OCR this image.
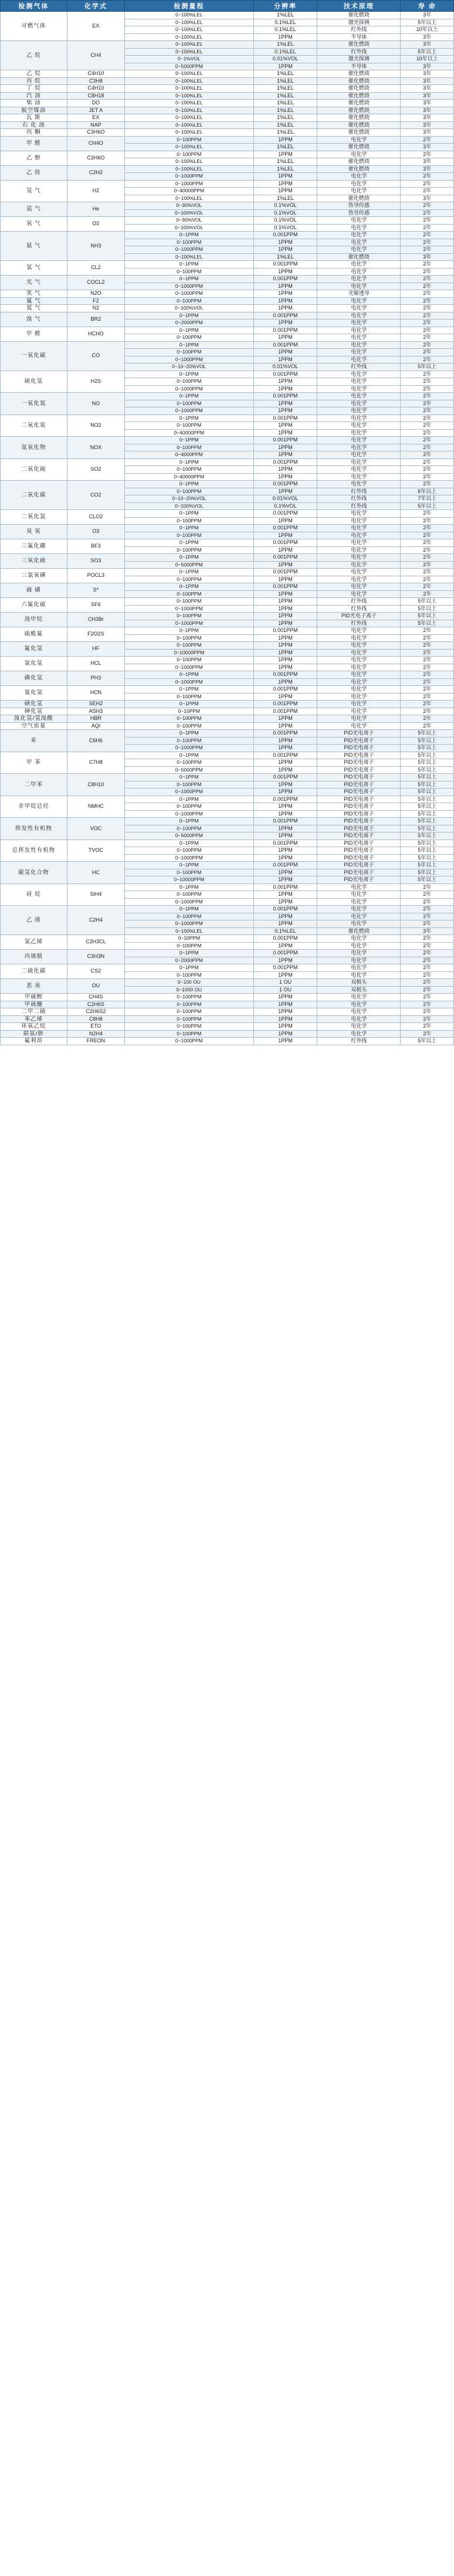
检测气体	化学式	检测量程	分辨率	技术原理	寿 命
可燃气体	EX	0~100%LEL	1%LEL	催化燃烧	3年
		0~100%LEL	0.1%LEL	激光探测	5年以上
		0~100%LEL	0.1%LEL	红外线	10年以上
		0~100%LEL	1PPM	半导体	3年
乙 烷	CH4	0~100%LEL	1%LEL	催化燃烧	3年
		0~100%LEL	0.1%LEL	红外线	5年以上
		0~1%VOL	0.01%VOL	激光探测	10年以上
		0~5000PPM	1PPM	半导体	3年
乙 烷	C4H10	0~100%LEL	1%LEL	催化燃烧	3年
丙 烷	C3H8	0~100%LEL	1%LEL	催化燃烧	3年
丁 烷	C4H10	0~100%LEL	1%LEL	催化燃烧	3年
汽 油	C8H18	0~100%LEL	1%LEL	催化燃烧	3年
柴 油	DO	0~100%LEL	1%LEL	催化燃烧	3年
航空煤油	JET A	0~100%LEL	1%LEL	催化燃烧	3年
瓦 斯	EX	0~100%LEL	1%LEL	催化燃烧	3年
石 化 油	NAP	0~100%LEL	1%LEL	催化燃烧	3年
丙 酮	C3H6O	0~100%LEL	1%LEL	催化燃烧	3年
甲 醛	CH4O	0~100PPM	1PPM	电化学	2年
		0~100%LEL	1%LEL	催化燃烧	3年
乙 醇	C2H6O	0~100PPM	1PPM	电化学	2年
		0~100%LEL	1%LEL	催化燃烧	3年
乙 炔	C2H2	0~100%LEL	1%LEL	催化燃烧	3年
		0~1000PPM	1PPM	电化学	2年
氢 气	H2	0~1000PPM	1PPM	电化学	2年
		0~40000PPM	1PPM	电化学	2年
		0~100%LEL	1%LEL	催化燃烧	3年
氦 气	He	0~30%VOL	0.1%VOL	热导传感	2年
		0~100%VOL	0.1%VOL	热导传感	2年
氧 气	O2	0~30%VOL	0.1%VOL	电化学	2年
		0~100%VOL	0.1%VOL	电化学	2年
氨 气	NH3	0~1PPM	0.001PPM	电化学	2年
		0~100PPM	1PPM	电化学	2年
		0~1000PPM	1PPM	电化学	2年
		0~100%LEL	1%LEL	催化燃烧	3年
氯 气	CL2	0~1PPM	0.001PPM	电化学	2年
		0~100PPM	1PPM	电化学	2年
光 气	COCL2	0~1PPM	0.001PPM	电化学	2年
		0~1000PPM	1PPM	电化学	2年
笑 气	N2O	0~1000PPM	1PPM	光聚透导	2年
氟 气	F2	0~100PPM	1PPM	电化学	2年
氮 气	N2	0~100%VOL	1PPM	电化学	2年
溴 气	BR2	0~1PPM	0.001PPM	电化学	2年
		0~2000PPM	1PPM	电化学	2年
甲 醛	HCHO	0~1PPM	0.001PPM	电化学	2年
		0~100PPM	1PPM	电化学	2年
一氧化碳	CO	0~1PPM	0.001PPM	电化学	2年
		0~100PPM	1PPM	电化学	2年
		0~1000PPM	1PPM	电化学	2年
		0~10~20%VOL	0.01%VOL	红外线	5年以上
硫化氢	H2S	0~1PPM	0.001PPM	电化学	2年
		0~100PPM	1PPM	电化学	2年
		0~1000PPM	1PPM	电化学	2年
一氧化氮	NO	0~1PPM	0.001PPM	电化学	2年
		0~100PPM	1PPM	电化学	2年
		0~1000PPM	1PPM	电化学	2年
二氧化氮	NO2	0~1PPM	0.001PPM	电化学	2年
		0~100PPM	1PPM	电化学	2年
		0~40000PPM	1PPM	电化学	2年
氮氧化物	NOX	0~1PPM	0.001PPM	电化学	2年
		0~100PPM	1PPM	电化学	2年
		0~4000PPM	1PPM	电化学	2年
二氧化硫	SO2	0~1PPM	0.001PPM	电化学	2年
		0~100PPM	1PPM	电化学	2年
		0~40000PPM	1PPM	电化学	2年
二氧化碳	CO2	0~1PPM	0.001PPM	电化学	2年
		0~100PPM	1PPM	红外线	6年以上
		0~10~20%VOL	0.01%VOL	红外线	7年以上
		0~100%VOL	0.1%VOL	红外线	5年以上
二氧化氯	CLO2	0~1PPM	0.001PPM	电化学	2年
		0~100PPM	1PPM	电化学	2年
臭 氧	O3	0~1PPM	0.001PPM	电化学	2年
		0~100PPM	1PPM	电化学	2年
三氟化硼	BF3	0~1PPM	0.001PPM	电化学	2年
		0~100PPM	1PPM	电化学	2年
三氧化硫	SO3	0~1PPM	0.001PPM	电化学	2年
		0~5000PPM	1PPM	电化学	2年
三氯氧磷	POCL3	0~1PPM	0.001PPM	电化学	2年
		0~100PPM	1PPM	电化学	2年
硫 磺	S*	0~1PPM	0.001PPM	电化学	2年
		0~100PPM	1PPM	电化学	2年
六氟化硫	SF6	0~100PPM	1PPM	红外线	5年以上
		0~1000PPM	1PPM	红外线	5年以上
溴甲烷	CH3Br	0~100PPM	1PPM	PID光电子离子	5年以上
		0~1000PPM	1PPM	红外线	5年以上
硫酰氟	F2O2S	0~1PPM	0.001PPM	电化学	2年
		0~100PPM	1PPM	电化学	2年
氟化氢	HF	0~100PPM	1PPM	电化学	2年
		0~10000PPM	1PPM	电化学	2年
氯化氢	HCL	0~100PPM	1PPM	电化学	2年
		0~1000PPM	1PPM	电化学	2年
磷化氢	PH3	0~1PPM	0.001PPM	电化学	2年
		0~1000PPM	1PPM	电化学	2年
氰化氢	HCN	0~1PPM	0.001PPM	电化学	2年
		0~100PPM	1PPM	电化学	2年
硒化氢	SEH2	0~1PPM	0.001PPM	电化学	2年
砷化氢	ASH3	0~10PPM	0.001PPM	电化学	2年
溴化氢/氢溴酸	HBR	0~100PPM	1PPM	电化学	2年
空气质量	AQI	0~100PPM	1PPM	电化学	2年
苯	C6H6	0~1PPM	0.001PPM	PID光电离子	5年以上
		0~100PPM	1PPM	PID光电离子	5年以上
		0~1000PPM	1PPM	PID光电离子	5年以上
甲 苯	C7H8	0~1PPM	0.001PPM	PID光电离子	5年以上
		0~100PPM	1PPM	PID光电离子	5年以上
		0~5000PPM	1PPM	PID光电离子	5年以上
二甲苯	C8H10	0~1PPM	0.001PPM	PID光电离子	5年以上
		0~100PPM	1PPM	PID光电离子	5年以上
		0~1000PPM	1PPM	PID光电离子	5年以上
非甲烷总烃	NMHC	0~1PPM	0.001PPM	PID光电离子	5年以上
		0~100PPM	1PPM	PID光电离子	5年以上
		0~1000PPM	1PPM	PID光电离子	5年以上
挥发性有机物	VOC	0~1PPM	0.001PPM	PID光电离子	5年以上
		0~100PPM	1PPM	PID光电离子	5年以上
		0~5000PPM	1PPM	PID光电离子	5年以上
总挥发性有机物	TVOC	0~1PPM	0.001PPM	PID光电离子	5年以上
		0~100PPM	1PPM	PID光电离子	5年以上
		0~1000PPM	1PPM	PID光电离子	5年以上
碳氢化合物	HC	0~1PPM	0.001PPM	PID光电离子	5年以上
		0~100PPM	1PPM	PID光电离子	5年以上
		0~10000PPM	1PPM	PID光电离子	5年以上
硅 烷	SIH4	0~1PPM	0.001PPM	电化学	2年
		0~100PPM	1PPM	电化学	2年
		0~1000PPM	1PPM	电化学	2年
乙 烯	C2H4	0~1PPM	0.001PPM	电化学	2年
		0~100PPM	1PPM	电化学	2年
		0~1000PPM	1PPM	电化学	2年
		0~100%LEL	0.1%LEL	催化燃烧	3年
氯乙烯	C2H3CL	0~10PPM	0.001PPM	电化学	2年
		0~100PPM	1PPM	电化学	2年
丙烯腈	C3H3N	0~1PPM	0.001PPM	电化学	2年
		0~2000PPM	1PPM	电化学	2年
二硫化碳	CS2	0~1PPM	0.001PPM	电化学	2年
		0~100PPM	1PPM	电化学	2年
恶 臭	OU	0~100 OU	1 OU	双极头	2年
		0~1000 OU	1 OU	双极头	2年
甲硫醇	CH4S	0~100PPM	1PPM	电化学	2年
甲硫醚	C2H6S	0~100PPM	1PPM	电化学	2年
二甲二硫	C2H6S2	0~100PPM	1PPM	电化学	2年
苯乙烯	C8H8	0~100PPM	1PPM	电化学	2年
环氧乙烷	ETO	0~100PPM	1PPM	电化学	2年
联氨/肼	N2H4	0~100PPM	1PPM	电化学	2年
氟利昂	FREON	0~1000PPM	1PPM	红外线	5年以上
